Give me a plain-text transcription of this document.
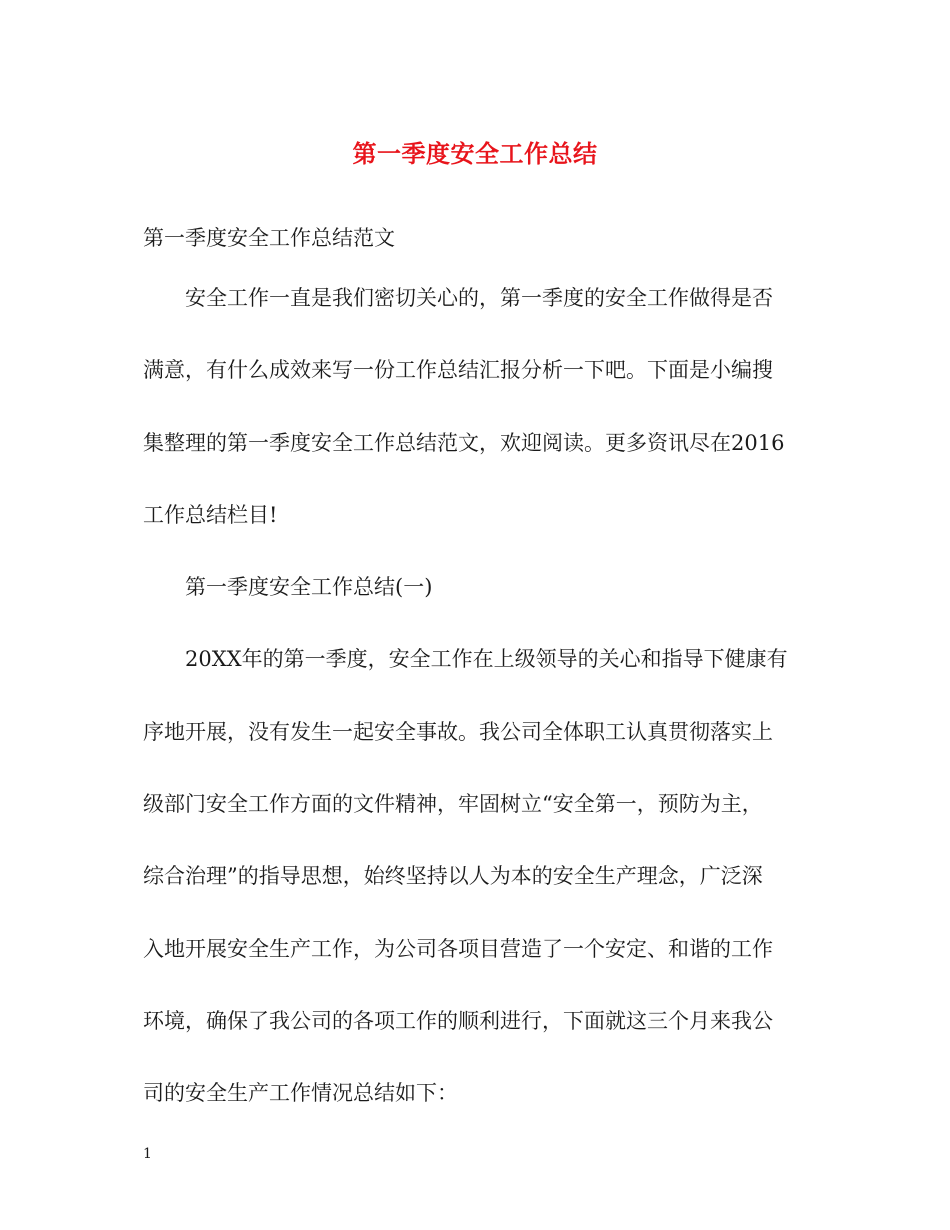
第一季度安全工作总结
第一季度安全工作总结范文
安全工作一直是我们密切关心的，第一季度的安全工作做得是否
满意，有什么成效来写一份工作总结汇报分析一下吧。下面是小编搜
集整理的第一季度安全工作总结范文，欢迎阅读。更多资讯尽在2016
工作总结栏目!
第一季度安全工作总结(一)
20XX年的第一季度，安全工作在上级领导的关心和指导下健康有
序地开展，没有发生一起安全事故。我公司全体职工认真贯彻落实上
级部门安全工作方面的文件精神，牢固树立“安全第一，预防为主，
综合治理”的指导思想，始终坚持以人为本的安全生产理念，广泛深
入地开展安全生产工作，为公司各项目营造了一个安定、和谐的工作
环境，确保了我公司的各项工作的顺利进行，下面就这三个月来我公
司的安全生产工作情况总结如下：
1
